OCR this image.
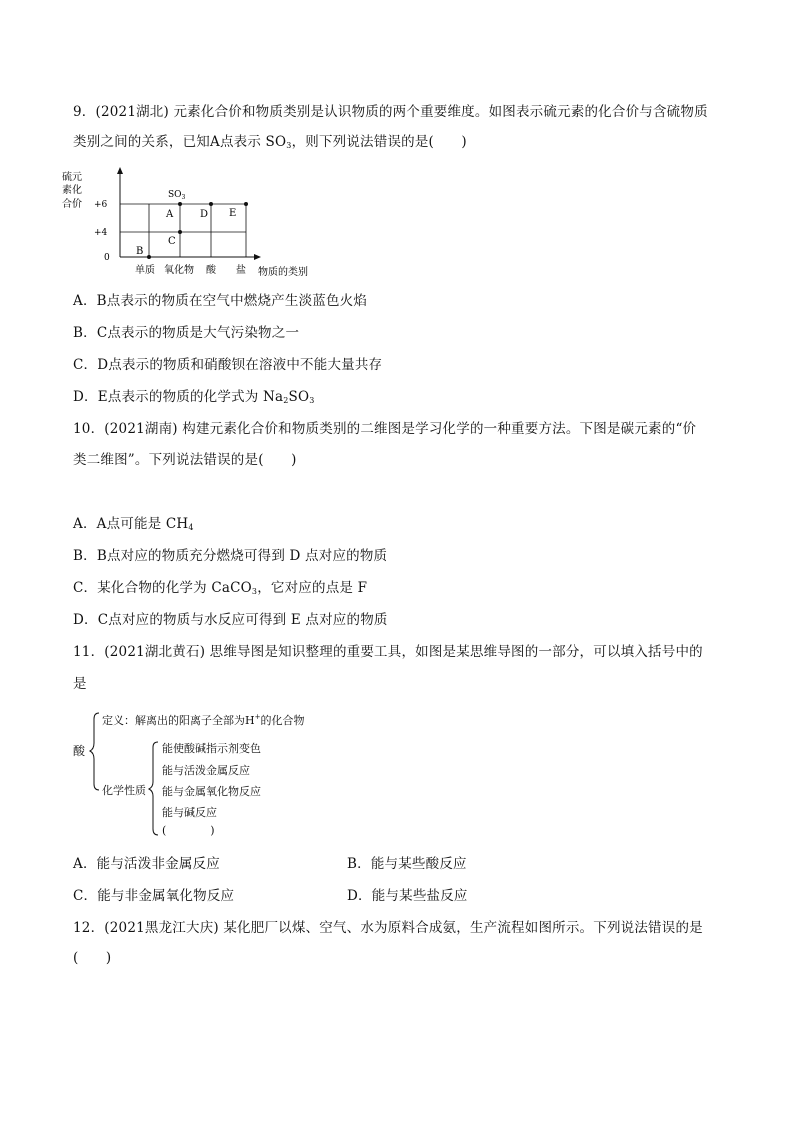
9．(2021湖北) 元素化合价和物质类别是认识物质的两个重要维度。如图表示硫元素的化合价与含硫物质
类别之间的关系，已知A点表示 $SO_3$，则下列说法错误的是(　　)
硫元
素化
合价 +6
+4
0
$SO_3$
A
B
C
D E
单质 氧化物 酸 盐 物质的类别
A．B点表示的物质在空气中燃烧产生淡蓝色火焰
B．C点表示的物质是大气污染物之一
C．D点表示的物质和硝酸钡在溶液中不能大量共存
D．E点表示的物质的化学式为 $Na_2SO_3$
10．(2021湖南) 构建元素化合价和物质类别的二维图是学习化学的一种重要方法。下图是碳元素的“价
类二维图”。下列说法错误的是(　　)
A．A点可能是 $CH_4$
B．B点对应的物质充分燃烧可得到 D 点对应的物质
C．某化合物的化学为 CaCO$_3$，它对应的点是 F
D．C点对应的物质与水反应可得到 E 点对应的物质
11．(2021湖北黄石) 思维导图是知识整理的重要工具，如图是某思维导图的一部分，可以填入括号中的
是
酸
定义：解离出的阳离子全部为H+的化合物
化学性质
能使酸碱指示剂变色
能与活泼金属反应
能与金属氧化物反应
能与碱反应
(　　　　)
A．能与活泼非金属反应	B．能与某些酸反应
C．能与非金属氧化物反应	D．能与某些盐反应
12．(2021黑龙江大庆) 某化肥厂以煤、空气、水为原料合成氨，生产流程如图所示。下列说法错误的是
(　　)
